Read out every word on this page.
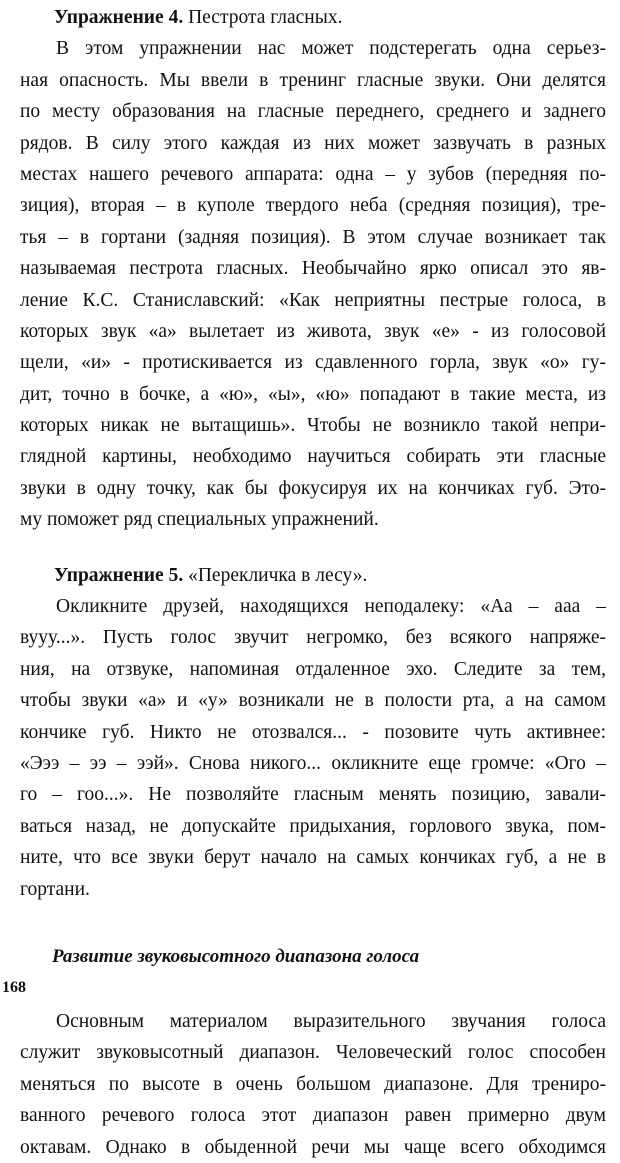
Упражнение 4. Пестрота гласных.
В этом упражнении нас может подстерегать одна серьез-
ная опасность. Мы ввели в тренинг гласные звуки. Они делятся
по месту образования на гласные переднего, среднего и заднего
рядов. В силу этого каждая из них может зазвучать в разных
местах нашего речевого аппарата: одна – у зубов (передняя по-
зиция), вторая – в куполе твердого неба (средняя позиция), тре-
тья – в гортани (задняя позиция). В этом случае возникает так
называемая пестрота гласных. Необычайно ярко описал это яв-
ление К.С. Станиславский: «Как неприятны пестрые голоса, в
которых звук «а» вылетает из живота, звук «е» - из голосовой
щели, «и» - протискивается из сдавленного горла, звук «о» гу-
дит, точно в бочке, а «ю», «ы», «ю» попадают в такие места, из
которых никак не вытащишь». Чтобы не возникло такой непри-
глядной картины, необходимо научиться собирать эти гласные
звуки в одну точку, как бы фокусируя их на кончиках губ. Это-
му поможет ряд специальных упражнений.
Упражнение 5. «Перекличка в лесу».
Окликните друзей, находящихся неподалеку: «Аа – ааа –
вууу...». Пусть голос звучит негромко, без всякого напряже-
ния, на отзвуке, напоминая отдаленное эхо. Следите за тем,
чтобы звуки «а» и «у» возникали не в полости рта, а на самом
кончике губ. Никто не отозвался... - позовите чуть активнее:
«Эээ – ээ – ээй». Снова никого... окликните еще громче: «Ого –
го – гоо...». Не позволяйте гласным менять позицию, завали-
ваться назад, не допускайте придыхания, горлового звука, пом-
ните, что все звуки берут начало на самых кончиках губ, а не в
гортани.
Развитие звуковысотного диапазона голоса
Основным материалом выразительного звучания голоса
служит звуковысотный диапазон. Человеческий голос способен
меняться по высоте в очень большом диапазоне. Для трениро-
ванного речевого голоса этот диапазон равен примерно двум
октавам. Однако в обыденной речи мы чаще всего обходимся
168
